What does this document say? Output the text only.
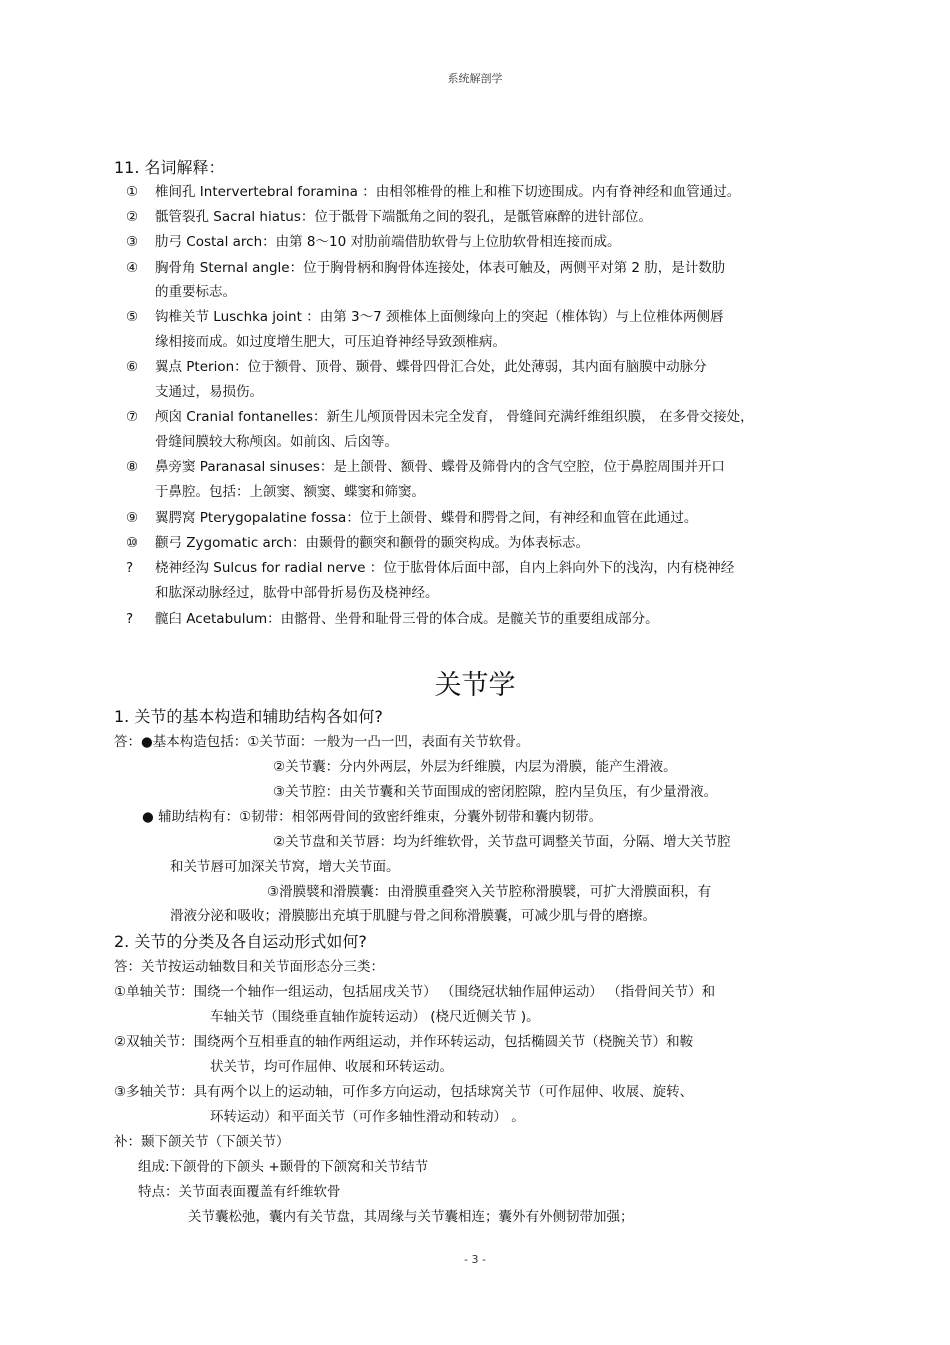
系统解剖学
11. 名词解释：
① 椎间孔 Intervertebral foramina ：由相邻椎骨的椎上和椎下切迹围成。内有脊神经和血管通过。
② 骶管裂孔 Sacral hiatus：位于骶骨下端骶角之间的裂孔，是骶管麻醉的进针部位。
③ 肋弓 Costal arch：由第 8～10 对肋前端借肋软骨与上位肋软骨相连接而成。
④ 胸骨角 Sternal angle：位于胸骨柄和胸骨体连接处，体表可触及，两侧平对第 2 肋，是计数肋
的重要标志。
⑤ 钩椎关节 Luschka joint ：由第 3～7 颈椎体上面侧缘向上的突起（椎体钩）与上位椎体两侧唇
缘相接而成。如过度增生肥大，可压迫脊神经导致颈椎病。
⑥ 翼点 Pterion：位于额骨、顶骨、颞骨、蝶骨四骨汇合处，此处薄弱，其内面有脑膜中动脉分
支通过，易损伤。
⑦ 颅囟 Cranial fontanelles：新生儿颅顶骨因未完全发育， 骨缝间充满纤维组织膜， 在多骨交接处，
骨缝间膜较大称颅囟。如前囟、后囟等。
⑧ 鼻旁窦 Paranasal sinuses：是上颌骨、额骨、蝶骨及筛骨内的含气空腔，位于鼻腔周围并开口
于鼻腔。包括：上颌窦、额窦、蝶窦和筛窦。
⑨ 翼腭窝 Pterygopalatine fossa：位于上颌骨、蝶骨和腭骨之间，有神经和血管在此通过。
⑩ 颧弓 Zygomatic arch：由颞骨的颧突和颧骨的颞突构成。为体表标志。
? 桡神经沟 Sulcus for radial nerve ：位于肱骨体后面中部，自内上斜向外下的浅沟，内有桡神经
和肱深动脉经过，肱骨中部骨折易伤及桡神经。
? 髋臼 Acetabulum：由髂骨、坐骨和耻骨三骨的体合成。是髋关节的重要组成部分。
关节学
1. 关节的基本构造和辅助结构各如何?
答：●基本构造包括：①关节面：一般为一凸一凹，表面有关节软骨。
②关节囊：分内外两层，外层为纤维膜，内层为滑膜，能产生滑液。
③关节腔：由关节囊和关节面围成的密闭腔隙，腔内呈负压，有少量滑液。
● 辅助结构有：①韧带：相邻两骨间的致密纤维束，分囊外韧带和囊内韧带。
②关节盘和关节唇：均为纤维软骨，关节盘可调整关节面，分隔、增大关节腔
和关节唇可加深关节窝，增大关节面。
③滑膜襞和滑膜囊：由滑膜重叠突入关节腔称滑膜襞，可扩大滑膜面积，有
滑液分泌和吸收；滑膜膨出充填于肌腱与骨之间称滑膜囊，可减少肌与骨的磨擦。
2. 关节的分类及各自运动形式如何?
答：关节按运动轴数目和关节面形态分三类：
①单轴关节：围绕一个轴作一组运动，包括屈戌关节） （围绕冠状轴作屈伸运动） （指骨间关节）和
车轴关节（围绕垂直轴作旋转运动） (桡尺近侧关节 )。
②双轴关节：围绕两个互相垂直的轴作两组运动，并作环转运动，包括椭圆关节（桡腕关节）和鞍
状关节，均可作屈伸、收展和环转运动。
③多轴关节：具有两个以上的运动轴，可作多方向运动，包括球窝关节（可作屈伸、收展、旋转、
环转运动）和平面关节（可作多轴性滑动和转动） 。
补：颞下颌关节（下颌关节）
组成:下颌骨的下颌头 +颞骨的下颌窝和关节结节
特点：关节面表面覆盖有纤维软骨
关节囊松弛，囊内有关节盘，其周缘与关节囊相连；囊外有外侧韧带加强；
- 3 -
